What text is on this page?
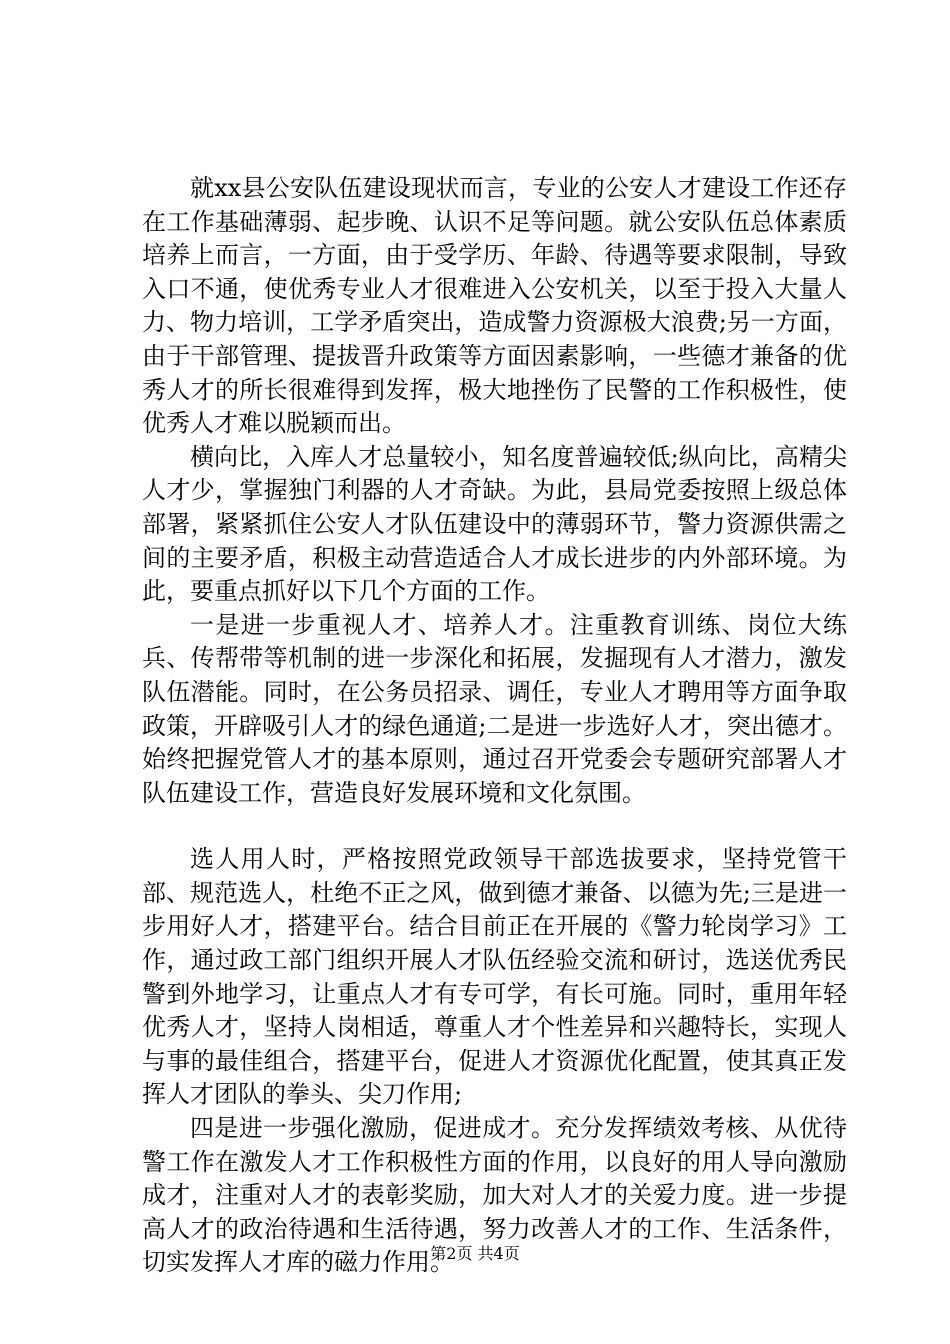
就xx县公安队伍建设现状而言，专业的公安人才建设工作还存在工作基础薄弱、起步晚、认识不足等问题。就公安队伍总体素质培养上而言，一方面，由于受学历、年龄、待遇等要求限制，导致入口不通，使优秀专业人才很难进入公安机关，以至于投入大量人力、物力培训，工学矛盾突出，造成警力资源极大浪费;另一方面，由于干部管理、提拔晋升政策等方面因素影响，一些德才兼备的优秀人才的所长很难得到发挥，极大地挫伤了民警的工作积极性，使优秀人才难以脱颖而出。

横向比，入库人才总量较小，知名度普遍较低;纵向比，高精尖人才少，掌握独门利器的人才奇缺。为此，县局党委按照上级总体部署，紧紧抓住公安人才队伍建设中的薄弱环节，警力资源供需之间的主要矛盾，积极主动营造适合人才成长进步的内外部环境。为此，要重点抓好以下几个方面的工作。

一是进一步重视人才、培养人才。注重教育训练、岗位大练兵、传帮带等机制的进一步深化和拓展，发掘现有人才潜力，激发队伍潜能。同时，在公务员招录、调任，专业人才聘用等方面争取政策，开辟吸引人才的绿色通道;二是进一步选好人才，突出德才。始终把握党管人才的基本原则，通过召开党委会专题研究部署人才队伍建设工作，营造良好发展环境和文化氛围。

选人用人时，严格按照党政领导干部选拔要求，坚持党管干部、规范选人，杜绝不正之风，做到德才兼备、以德为先;三是进一步用好人才，搭建平台。结合目前正在开展的《警力轮岗学习》工作，通过政工部门组织开展人才队伍经验交流和研讨，选送优秀民警到外地学习，让重点人才有专可学，有长可施。同时，重用年轻优秀人才，坚持人岗相适，尊重人才个性差异和兴趣特长，实现人与事的最佳组合，搭建平台，促进人才资源优化配置，使其真正发挥人才团队的拳头、尖刀作用;

四是进一步强化激励，促进成才。充分发挥绩效考核、从优待警工作在激发人才工作积极性方面的作用，以良好的用人导向激励成才，注重对人才的表彰奖励，加大对人才的关爱力度。进一步提高人才的政治待遇和生活待遇，努力改善人才的工作、生活条件，切实发挥人才库的磁力作用。

第2页 共4页
